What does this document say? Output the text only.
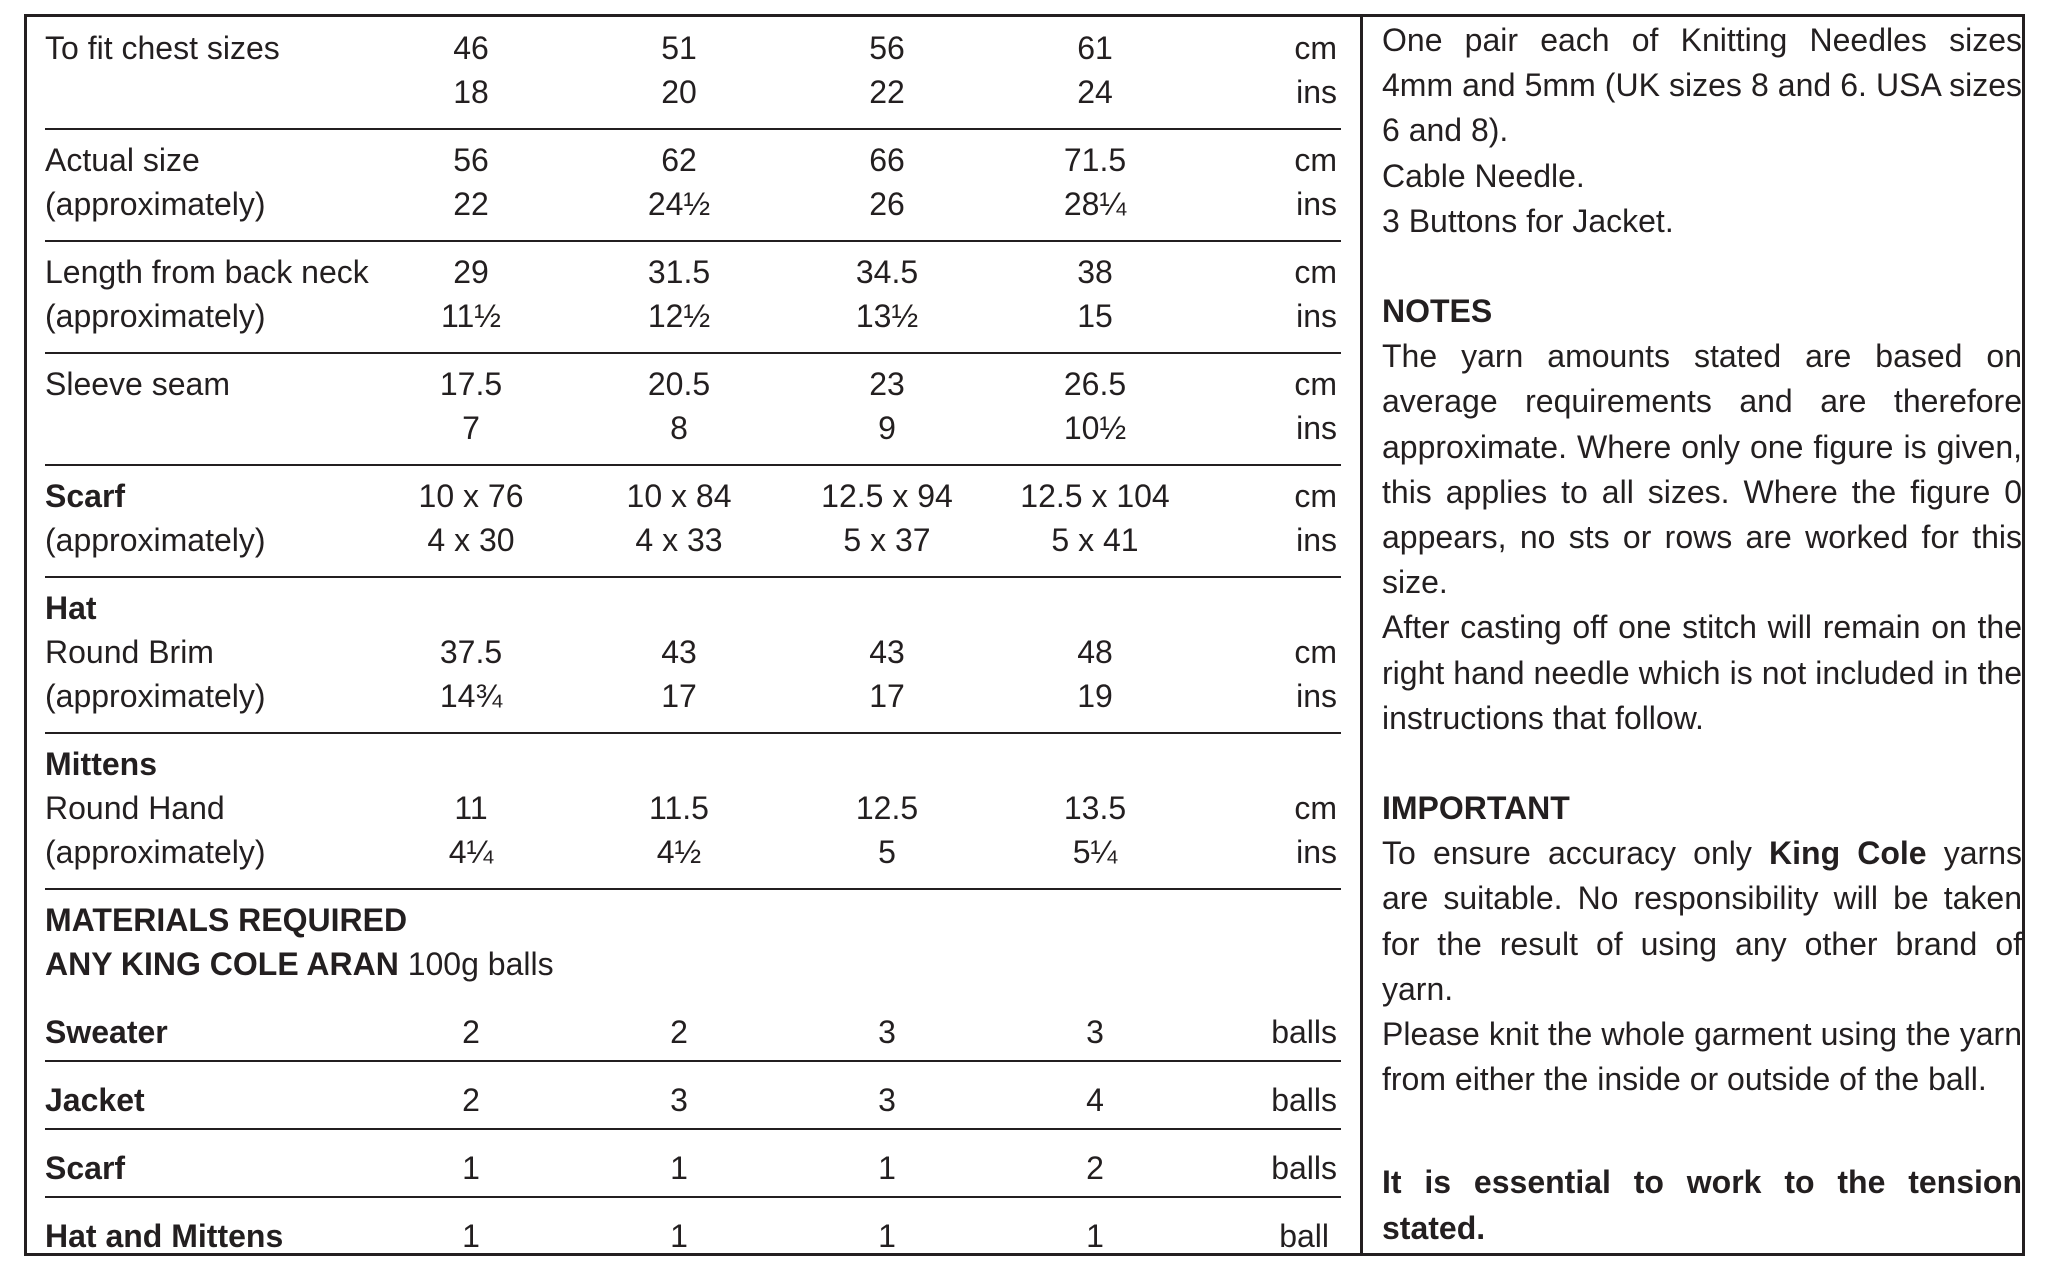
To fit chest sizes	46	51	56	61	cm
18	20	22	24	ins
Actual size	56	62	66	71.5	cm
(approximately)	22	24½	26	28¼	ins
Length from back neck	29	31.5	34.5	38	cm
(approximately)	11½	12½	13½	15	ins
Sleeve seam	17.5	20.5	23	26.5	cm
7	8	9	10½	ins
Scarf	10 x 76	10 x 84	12.5 x 94	12.5 x 104	cm
(approximately)	4 x 30	4 x 33	5 x 37	5 x 41	ins
Hat
Round Brim	37.5	43	43	48	cm
(approximately)	14¾	17	17	19	ins
Mittens
Round Hand	11	11.5	12.5	13.5	cm
(approximately)	4¼	4½	5	5¼	ins
MATERIALS REQUIRED
ANY KING COLE ARAN 100g balls
Sweater	2	2	3	3	balls
Jacket	2	3	3	4	balls
Scarf	1	1	1	2	balls
Hat and Mittens	1	1	1	1	ball

One pair each of Knitting Needles sizes 4mm and 5mm (UK sizes 8 and 6. USA sizes 6 and 8).

Cable Needle.

3 Buttons for Jacket.

NOTES

The yarn amounts stated are based on average requirements and are therefore approximate. Where only one figure is given, this applies to all sizes. Where the figure 0 appears, no sts or rows are worked for this size.

After casting off one stitch will remain on the right hand needle which is not included in the instructions that follow.

IMPORTANT

To ensure accuracy only King Cole yarns are suitable. No responsibility will be taken for the result of using any other brand of yarn.

Please knit the whole garment using the yarn from either the inside or outside of the ball.

It is essential to work to the tension stated.
